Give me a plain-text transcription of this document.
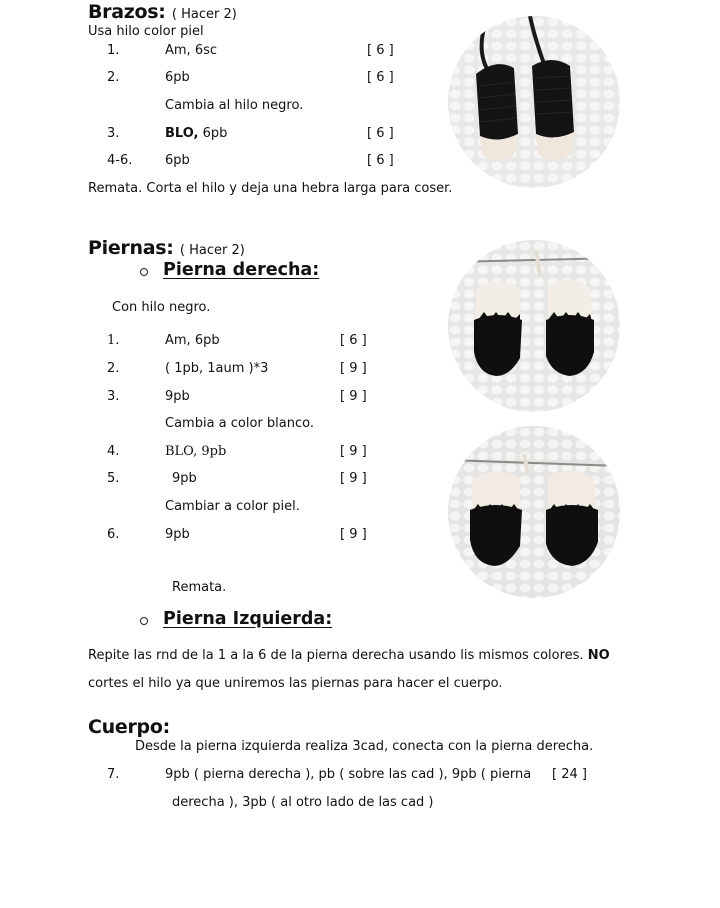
Brazos: ( Hacer 2)
Usa hilo color piel
1.	Am, 6sc	[ 6 ]
2.	6pb	[ 6 ]
Cambia al hilo negro.
3.	BLO, 6pb	[ 6 ]
4-6.	6pb	[ 6 ]
Remata. Corta el hilo y deja una hebra larga para coser.
Piernas: ( Hacer 2)
Pierna derecha:
Con hilo negro.
1.	Am, 6pb	[ 6 ]
2.	( 1pb, 1aum )*3	[ 9 ]
3.	9pb	[ 9 ]
Cambia a color blanco.
4.	BLO, 9pb	[ 9 ]
5.	9pb	[ 9 ]
Cambiar a color piel.
6.	9pb	[ 9 ]
Remata.
Pierna Izquierda:
Repite las rnd de la 1 a la 6 de la pierna derecha usando lis mismos colores. NO
cortes el hilo ya que uniremos las piernas para hacer el cuerpo.
Cuerpo:
Desde la pierna izquierda realiza 3cad, conecta con la pierna derecha.
7.	9pb ( pierna derecha ), pb ( sobre las cad ), 9pb ( pierna [ 24 ]
derecha ), 3pb ( al otro lado de las cad )
